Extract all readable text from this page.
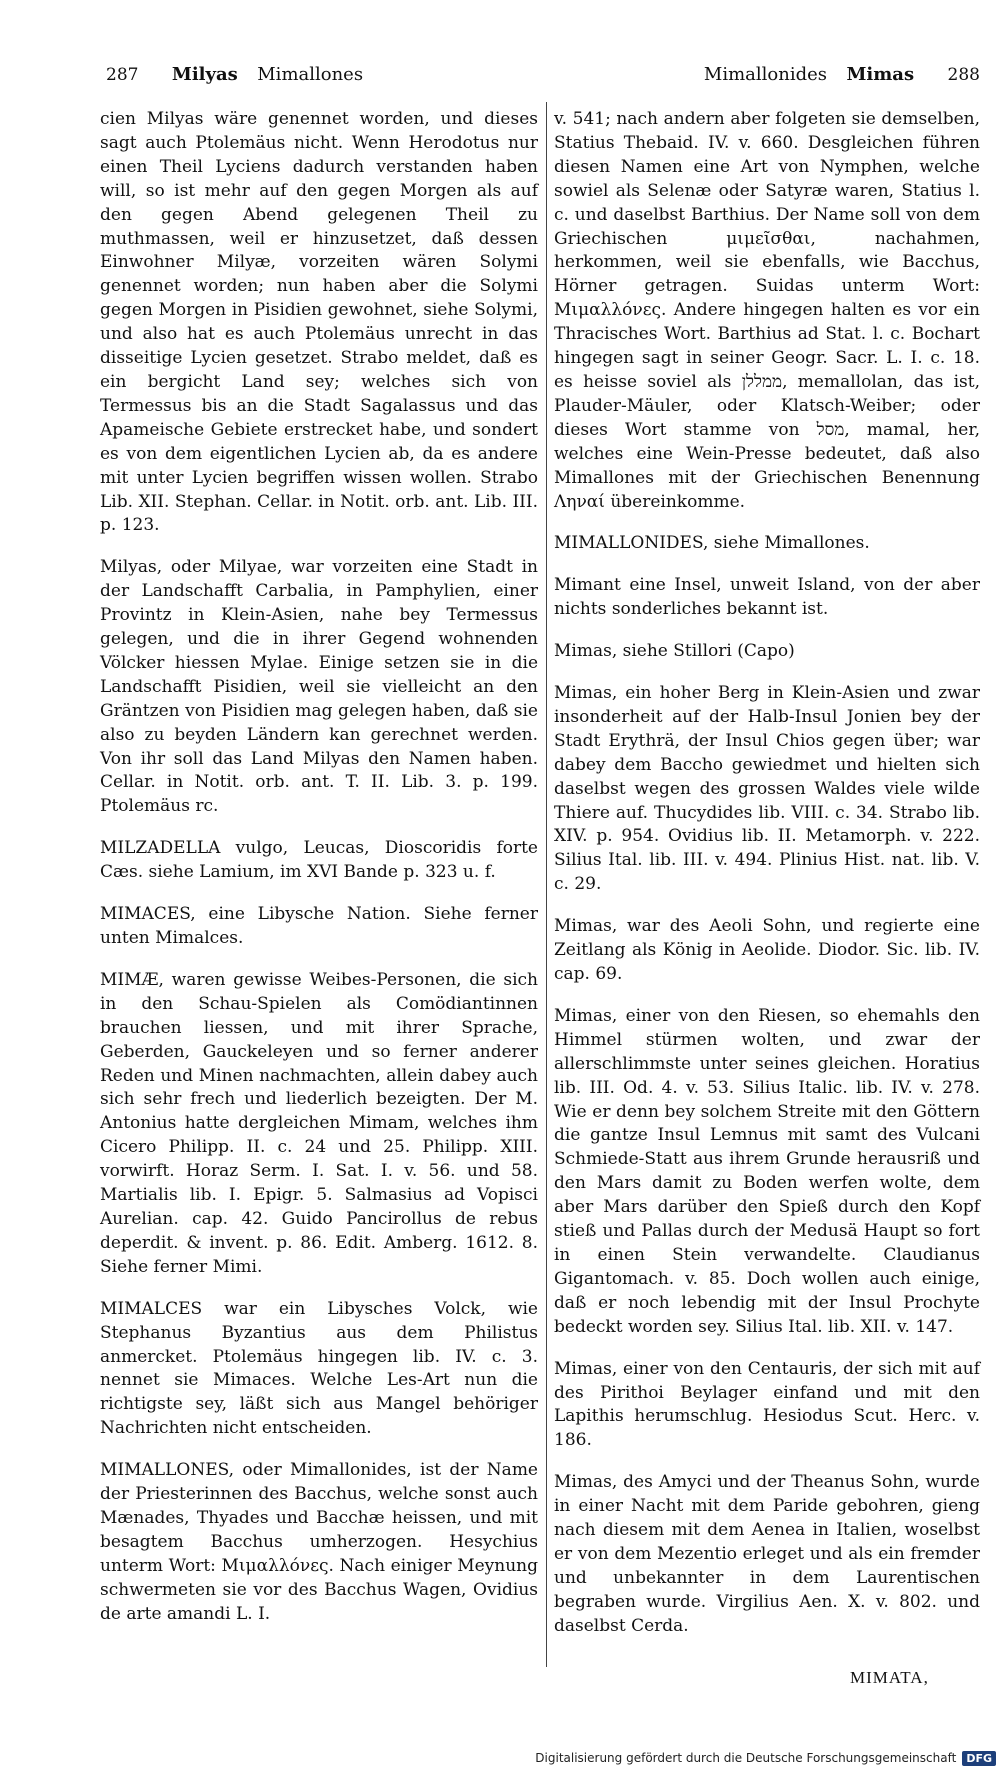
287 Milyas Mimallones	Mimallonides Mimas 288

cien Milyas wäre genennet worden, und dieses sagt auch Ptolemäus nicht. Wenn Herodotus nur einen Theil Lyciens dadurch verstanden haben will, so ist mehr auf den gegen Morgen als auf den gegen Abend gelegenen Theil zu muthmassen, weil er hinzusetzet, daß dessen Einwohner Milyæ, vorzeiten wären Solymi genennet worden; nun haben aber die Solymi gegen Morgen in Pisidien gewohnet, siehe Solymi, und also hat es auch Ptolemäus unrecht in das disseitige Lycien gesetzet. Strabo meldet, daß es ein bergicht Land sey; welches sich von Termessus bis an die Stadt Sagalassus und das Apameische Gebiete erstrecket habe, und sondert es von dem eigentlichen Lycien ab, da es andere mit unter Lycien begriffen wissen wollen. Strabo Lib. XII. Stephan. Cellar. in Notit. orb. ant. Lib. III. p. 123.

Milyas, oder Milyae, war vorzeiten eine Stadt in der Landschafft Carbalia, in Pamphylien, einer Provintz in Klein-Asien, nahe bey Termessus gelegen, und die in ihrer Gegend wohnenden Völcker hiessen Mylae. Einige setzen sie in die Landschafft Pisidien, weil sie vielleicht an den Gräntzen von Pisidien mag gelegen haben, daß sie also zu beyden Ländern kan gerechnet werden. Von ihr soll das Land Milyas den Namen haben. Cellar. in Notit. orb. ant. T. II. Lib. 3. p. 199. Ptolemäus rc.

MILZADELLA vulgo, Leucas, Dioscoridis forte Cæs. siehe Lamium, im XVI Bande p. 323 u. f.

MIMACES, eine Libysche Nation. Siehe ferner unten Mimalces.

MIMÆ, waren gewisse Weibes-Personen, die sich in den Schau-Spielen als Comödiantinnen brauchen liessen, und mit ihrer Sprache, Geberden, Gauckeleyen und so ferner anderer Reden und Minen nachmachten, allein dabey auch sich sehr frech und liederlich bezeigten. Der M. Antonius hatte dergleichen Mimam, welches ihm Cicero Philipp. II. c. 24 und 25. Philipp. XIII. vorwirft. Horaz Serm. I. Sat. I. v. 56. und 58. Martialis lib. I. Epigr. 5. Salmasius ad Vopisci Aurelian. cap. 42. Guido Pancirollus de rebus deperdit. & invent. p. 86. Edit. Amberg. 1612. 8. Siehe ferner Mimi.

MIMALCES war ein Libysches Volck, wie Stephanus Byzantius aus dem Philistus anmercket. Ptolemäus hingegen lib. IV. c. 3. nennet sie Mimaces. Welche Les-Art nun die richtigste sey, läßt sich aus Mangel behöriger Nachrichten nicht entscheiden.

MIMALLONES, oder Mimallonides, ist der Name der Priesterinnen des Bacchus, welche sonst auch Mænades, Thyades und Bacchæ heissen, und mit besagtem Bacchus umherzogen. Hesychius unterm Wort: Μιμαλλόνες. Nach einiger Meynung schwermeten sie vor des Bacchus Wagen, Ovidius de arte amandi L. I.

v. 541; nach andern aber folgeten sie demselben, Statius Thebaid. IV. v. 660. Desgleichen führen diesen Namen eine Art von Nymphen, welche sowiel als Selenæ oder Satyræ waren, Statius l. c. und daselbst Barthius. Der Name soll von dem Griechischen μιμεῖσθαι, nachahmen, herkommen, weil sie ebenfalls, wie Bacchus, Hörner getragen. Suidas unterm Wort: Μιμαλλόνες. Andere hingegen halten es vor ein Thracisches Wort. Barthius ad Stat. l. c. Bochart hingegen sagt in seiner Geogr. Sacr. L. I. c. 18. es heisse soviel als ממללן, memallolan, das ist, Plauder-Mäuler, oder Klatsch-Weiber; oder dieses Wort stamme von מסל, mamal, her, welches eine Wein-Presse bedeutet, daß also Mimallones mit der Griechischen Benennung Ληναί übereinkomme.

MIMALLONIDES, siehe Mimallones.

Mimant eine Insel, unweit Island, von der aber nichts sonderliches bekannt ist.

Mimas, siehe Stillori (Capo)

Mimas, ein hoher Berg in Klein-Asien und zwar insonderheit auf der Halb-Insul Jonien bey der Stadt Erythrä, der Insul Chios gegen über; war dabey dem Baccho gewiedmet und hielten sich daselbst wegen des grossen Waldes viele wilde Thiere auf. Thucydides lib. VIII. c. 34. Strabo lib. XIV. p. 954. Ovidius lib. II. Metamorph. v. 222. Silius Ital. lib. III. v. 494. Plinius Hist. nat. lib. V. c. 29.

Mimas, war des Aeoli Sohn, und regierte eine Zeitlang als König in Aeolide. Diodor. Sic. lib. IV. cap. 69.

Mimas, einer von den Riesen, so ehemahls den Himmel stürmen wolten, und zwar der allerschlimmste unter seines gleichen. Horatius lib. III. Od. 4. v. 53. Silius Italic. lib. IV. v. 278. Wie er denn bey solchem Streite mit den Göttern die gantze Insul Lemnus mit samt des Vulcani Schmiede-Statt aus ihrem Grunde herausriß und den Mars damit zu Boden werfen wolte, dem aber Mars darüber den Spieß durch den Kopf stieß und Pallas durch der Medusä Haupt so fort in einen Stein verwandelte. Claudianus Gigantomach. v. 85. Doch wollen auch einige, daß er noch lebendig mit der Insul Prochyte bedeckt worden sey. Silius Ital. lib. XII. v. 147.

Mimas, einer von den Centauris, der sich mit auf des Pirithoi Beylager einfand und mit den Lapithis herumschlug. Hesiodus Scut. Herc. v. 186.

Mimas, des Amyci und der Theanus Sohn, wurde in einer Nacht mit dem Paride gebohren, gieng nach diesem mit dem Aenea in Italien, woselbst er von dem Mezentio erleget und als ein fremder und unbekannter in dem Laurentischen begraben wurde. Virgilius Aen. X. v. 802. und daselbst Cerda.

MIMATA,
Digitalisierung gefördert durch die Deutsche Forschungsgemeinschaft DFG
